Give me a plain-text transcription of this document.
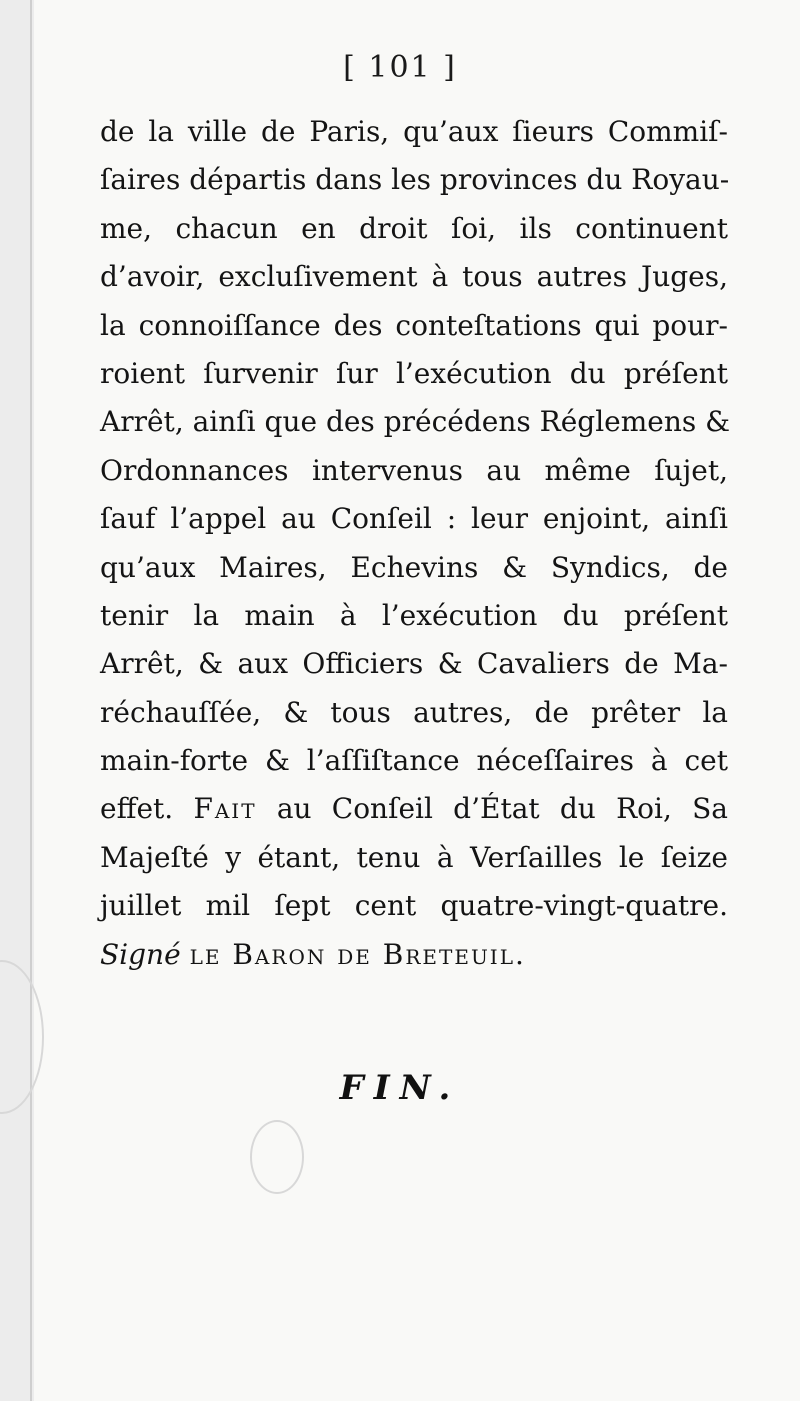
[ 101 ]
de la ville de Paris, qu’aux ſieurs Commiſ-
ſaires départis dans les provinces du Royau-
me, chacun en droit ſoi, ils continuent
d’avoir, excluſivement à tous autres Juges,
la connoiſſance des conteſtations qui pour-
roient ſurvenir ſur l’exécution du préſent
Arrêt, ainſi que des précédens Réglemens &
Ordonnances intervenus au même ſujet,
ſauf l’appel au Conſeil : leur enjoint, ainſi
qu’aux Maires, Echevins & Syndics, de
tenir la main à l’exécution du préſent
Arrêt, & aux Officiers & Cavaliers de Ma-
réchauſſée, & tous autres, de prêter la
main-forte & l’aſſiſtance néceſſaires à cet
effet. Fait au Conſeil d’État du Roi, Sa
Majeſté y étant, tenu à Verſailles le ſeize
juillet mil ſept cent quatre-vingt-quatre.
Signé le Baron de Breteuil.
FIN.
